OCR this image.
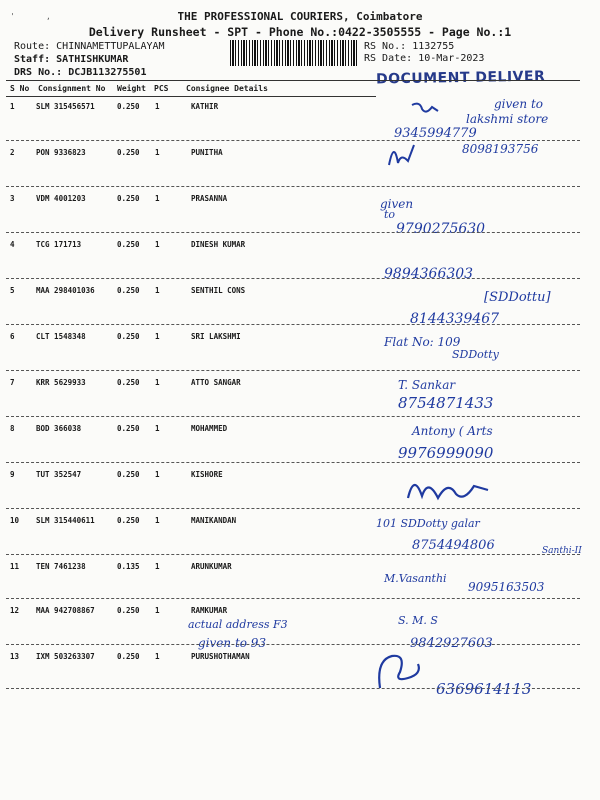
'	,	THE PROFESSIONAL COURIERS, Coimbatore
Delivery Runsheet - SPT - Phone No.:0422-3505555 - Page No.:1
Route: CHINNAMETTUPALAYAM
Staff: SATHISHKUMAR
DRS No.: DCJB113275501
RS No.: 1132755
RS Date: 10-Mar-2023
DOCUMENT DELIVER
S No Consignment No Weight PCS Consignee Details
1	SLM 315456571	0.250 1	KATHIR	given to
lakshmi store
9345994779
8098193756
2	PON 9336823	0.250 1	PUNITHA
3	VDM 4001203	0.250 1	PRASANNA	given
to
9790275630
4	TCG 171713	0.250 1	DINESH KUMAR
9894366303
5	MAA 298401036	0.250 1	SENTHIL CONS	[SDDottu]
8144339467
6	CLT 1548348	0.250 1	SRI LAKSHMI	Flat No: 109
SDDotty
7	KRR 5629933	0.250 1	ATTO SANGAR	T. Sankar
8754871433
8	BOD 366038	0.250 1	MOHAMMED	Antony ( Arts
9976999090
9	TUT 352547	0.250 1	KISHORE
10 SLM 315440611	0.250 1	MANIKANDAN	101 SDDotty galar
8754494806	Santhi-II
11 TEN 7461238	0.135 1	ARUNKUMAR
M.Vasanthi
9095163503
12 MAA 942708867	0.250 1	RAMKUMAR
actual address F3
given to 93
S. M. S
9842927603
13 IXM 503263307	0.250 1	PURUSHOTHAMAN
6369614113
